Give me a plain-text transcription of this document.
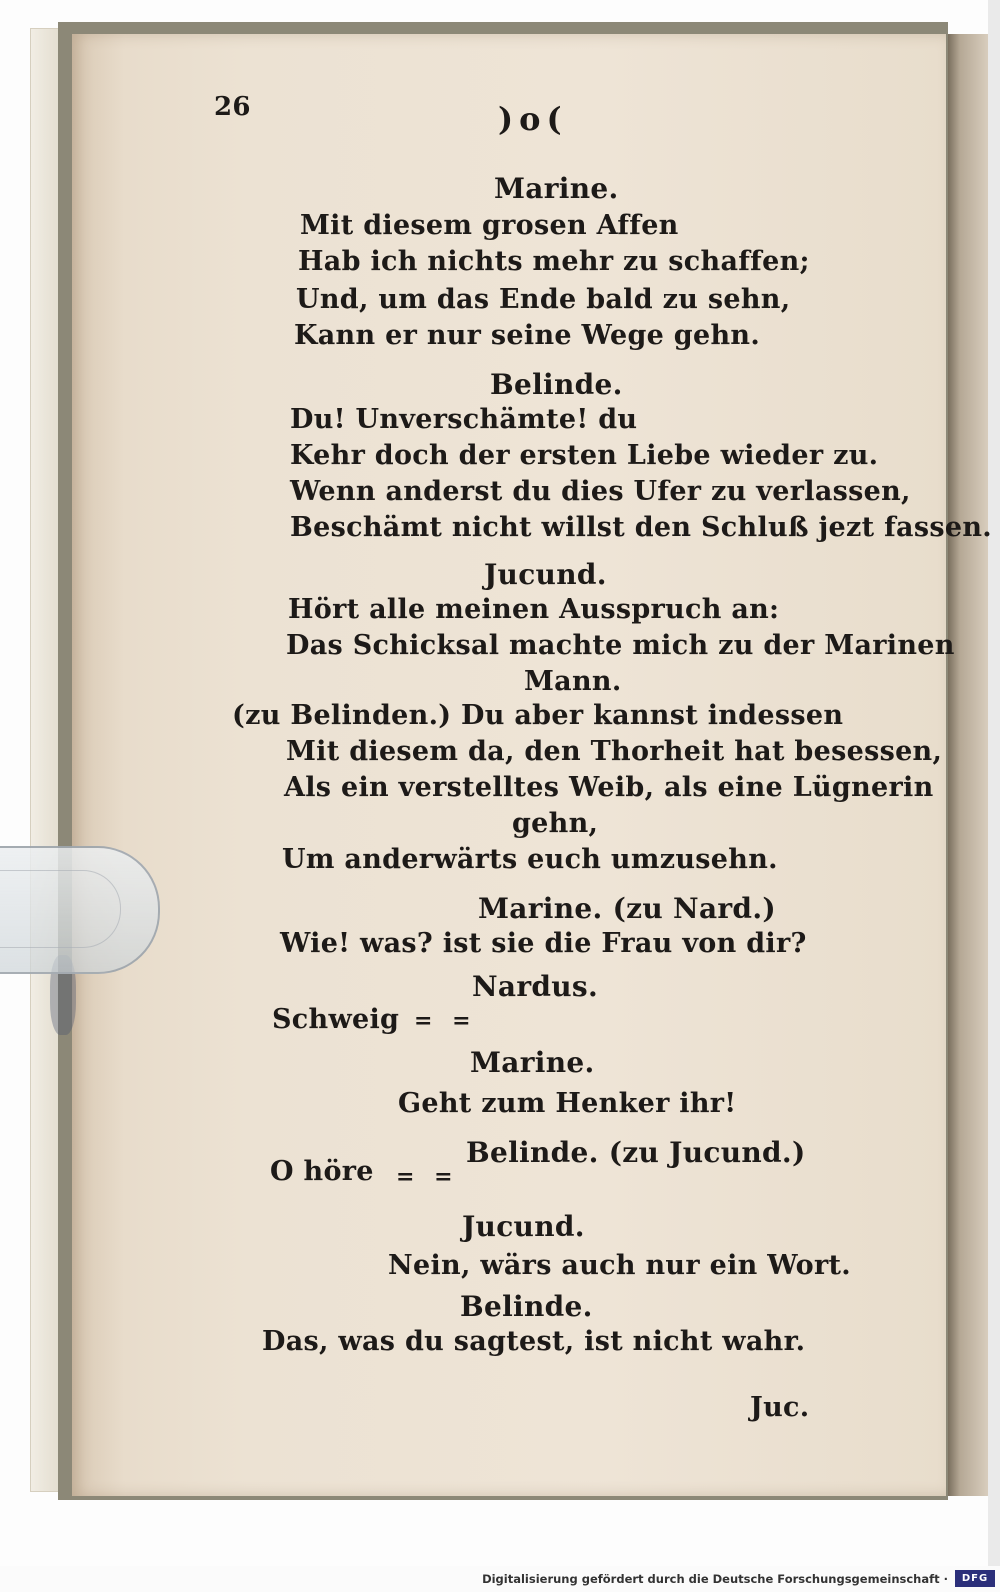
26	)o(
Marine.
Mit diesem grosen Affen
Hab ich nichts mehr zu schaffen;
Und, um das Ende bald zu sehn,
Kann er nur seine Wege gehn.
Belinde.
Du! Unverschämte! du
Kehr doch der ersten Liebe wieder zu.
Wenn anderst du dies Ufer zu verlassen,
Beschämt nicht willst den Schluß jezt fassen.
Jucund.
Hört alle meinen Ausspruch an:
Das Schicksal machte mich zu der Marinen
Mann.
(zu Belinden.) Du aber kannst indessen
Mit diesem da, den Thorheit hat besessen,
Als ein verstelltes Weib, als eine Lügnerin
gehn,
Um anderwärts euch umzusehn.
Marine. (zu Nard.)
Wie! was? ist sie die Frau von dir?
Nardus.
Schweig = =
Marine.
Geht zum Henker ihr!
Belinde. (zu Jucund.)
O höre = =
Jucund.
Nein, wärs auch nur ein Wort.
Belinde.
Das, was du sagtest, ist nicht wahr.
Juc.
Digitalisierung gefördert durch die Deutsche Forschungsgemeinschaft ·	DFG
